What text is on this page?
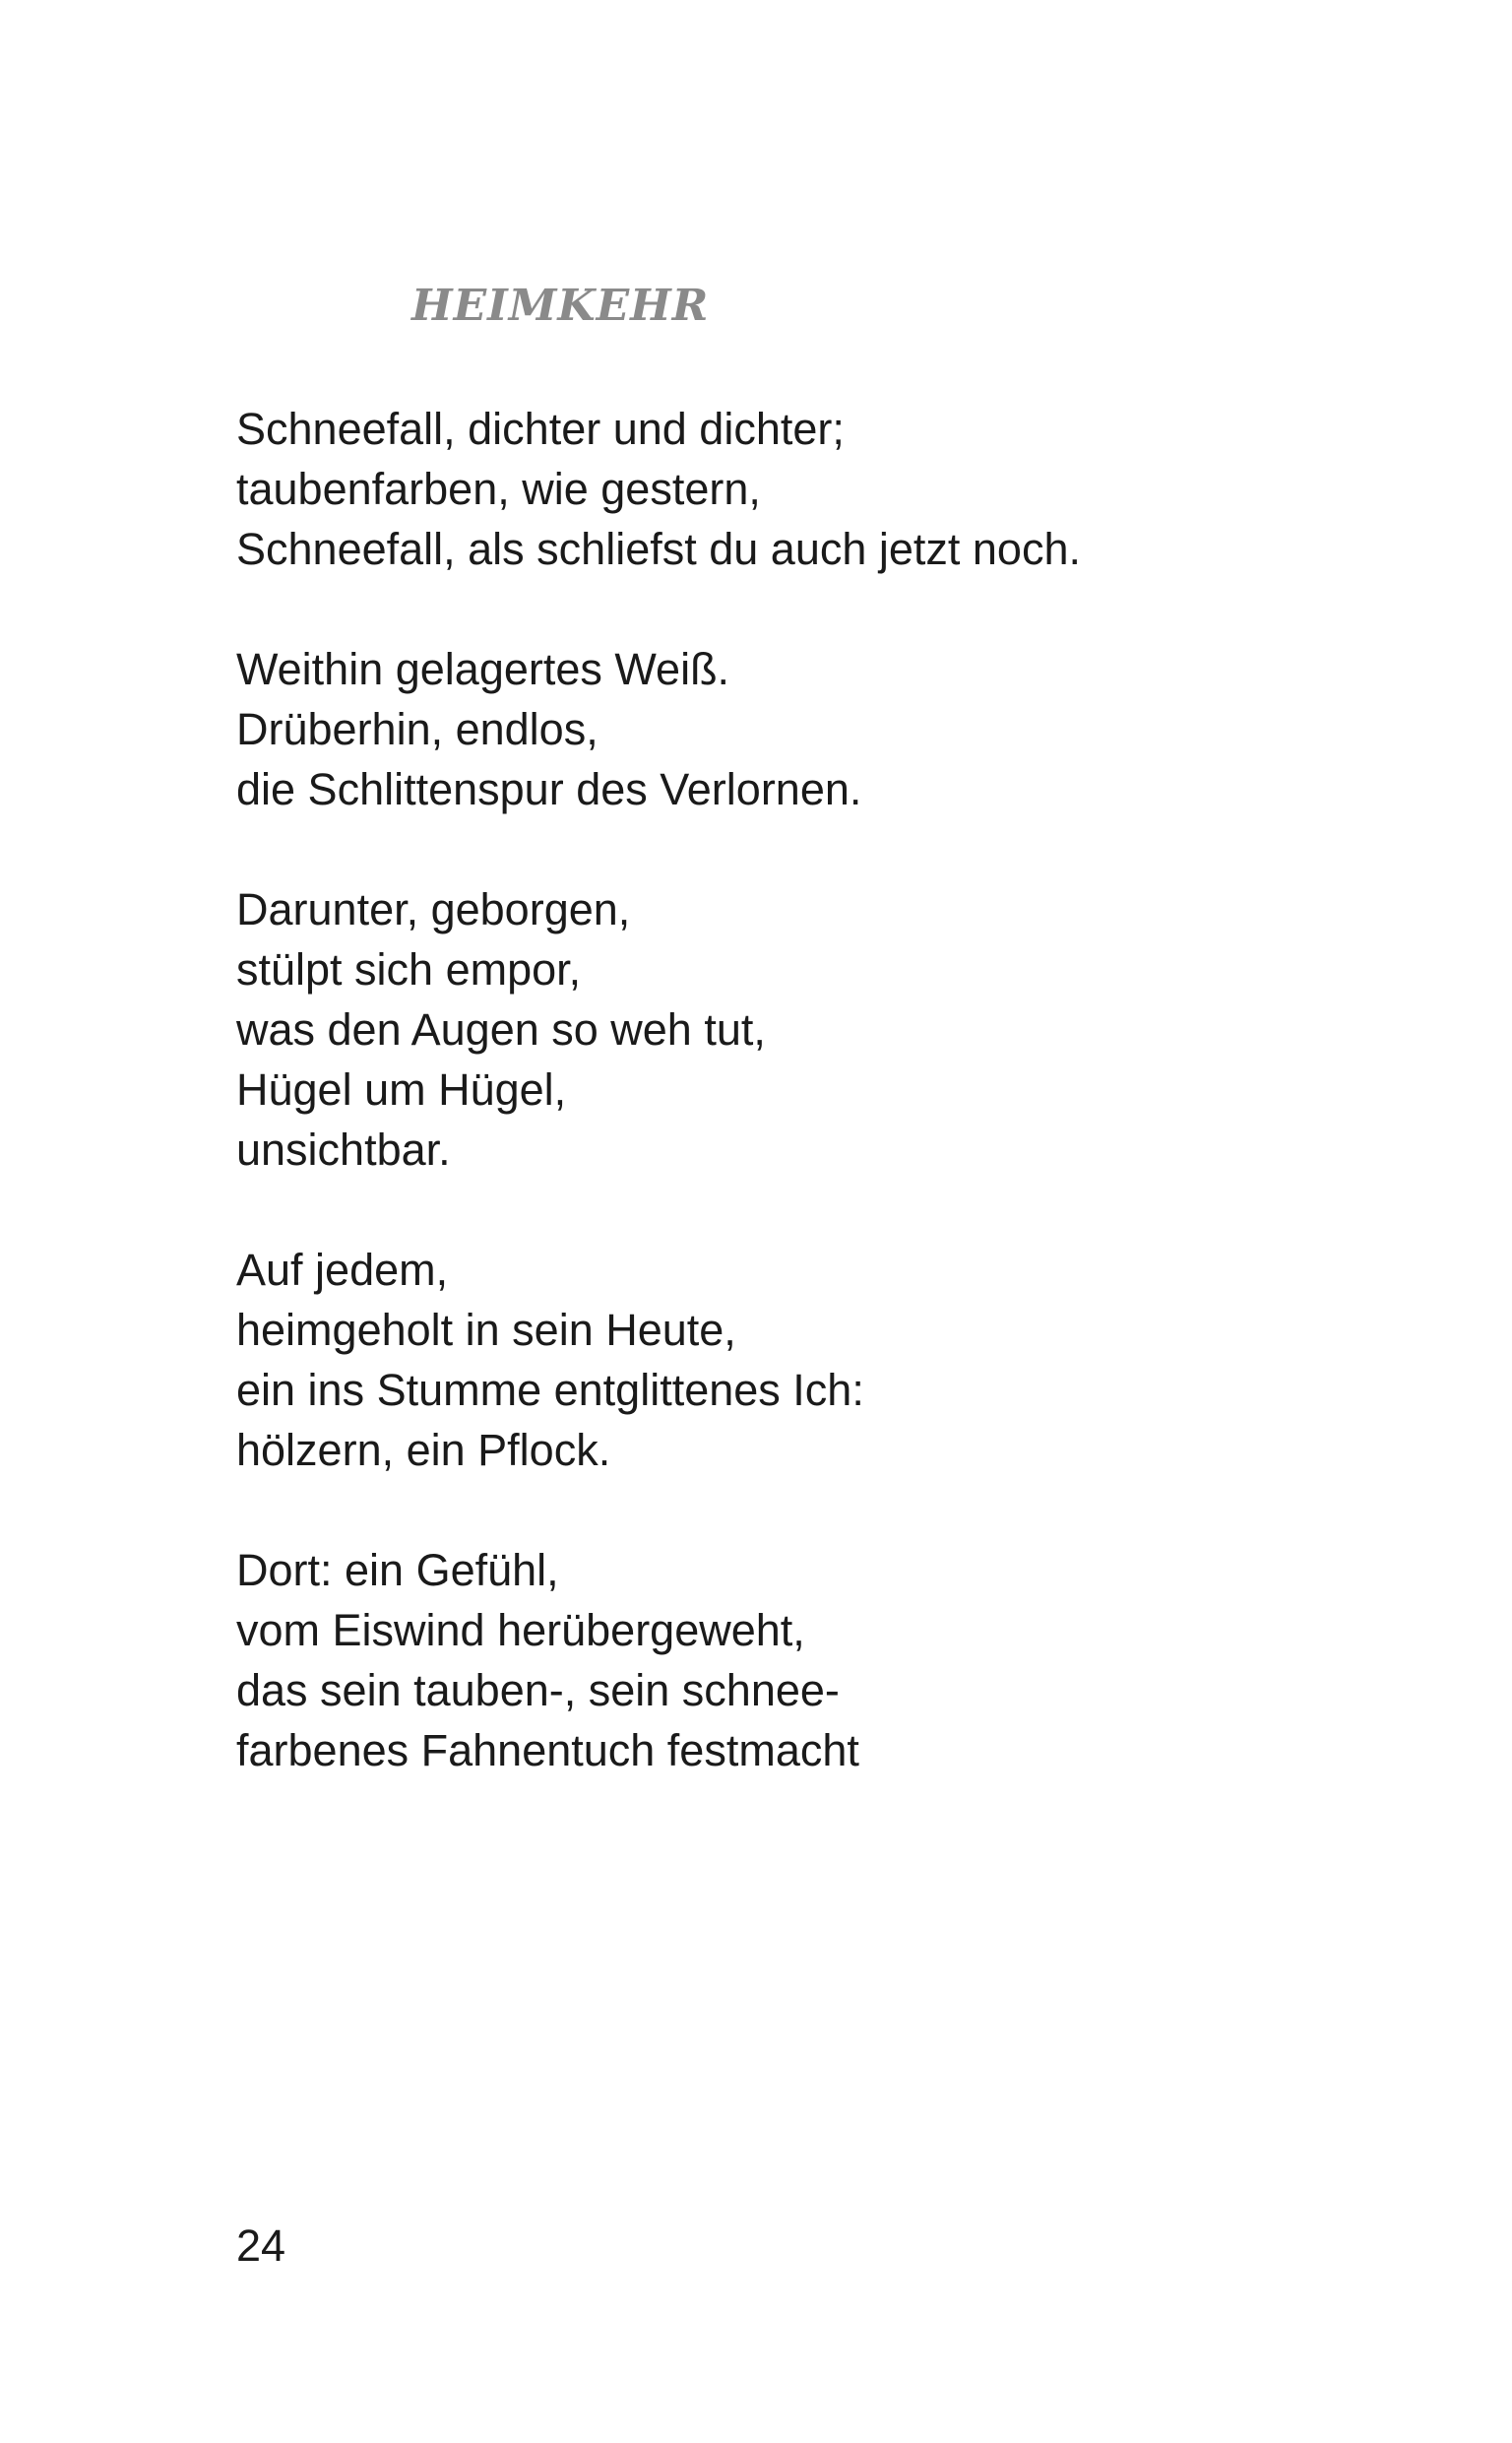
HEIMKEHR
Schneefall, dichter und dichter;
taubenfarben, wie gestern,
Schneefall, als schliefst du auch jetzt noch.
Weithin gelagertes Weiß.
Drüberhin, endlos,
die Schlittenspur des Verlornen.
Darunter, geborgen,
stülpt sich empor,
was den Augen so weh tut,
Hügel um Hügel,
unsichtbar.
Auf jedem,
heimgeholt in sein Heute,
ein ins Stumme entglittenes Ich:
hölzern, ein Pflock.
Dort: ein Gefühl,
vom Eiswind herübergeweht,
das sein tauben-, sein schnee-
farbenes Fahnentuch festmacht
24
